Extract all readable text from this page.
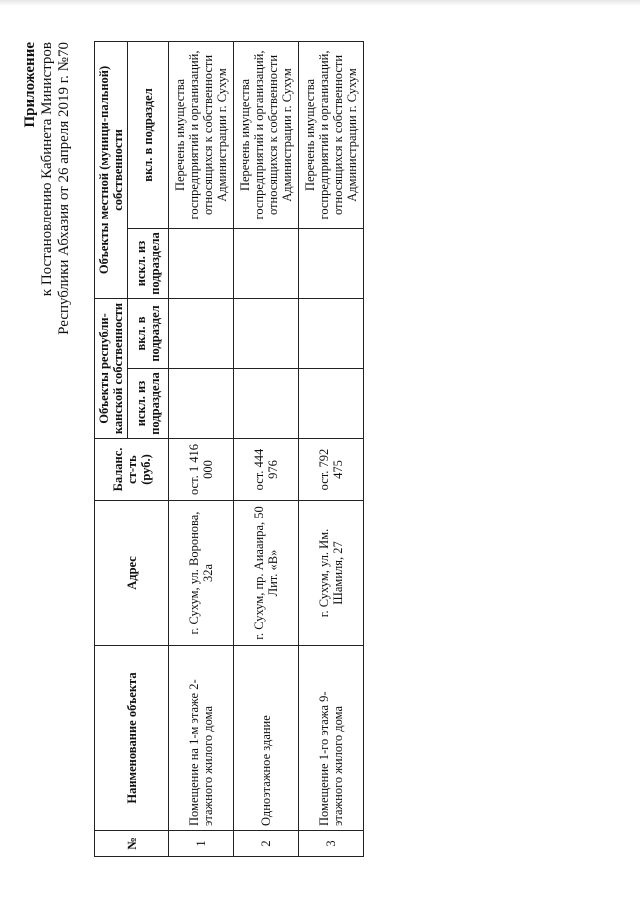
Приложение к Постановлению Кабинета Министров Республики Абхазия от 26 апреля 2019 г. №70
№	Наименование объекта	Адрес	Баланс. ст-ть (руб.)	Объекты республи-канской собственности		Объекты местной (муници-пальной) собственности	
				искл. из подраздела	вкл. в подраздел	искл. из подраздела	вкл. в подраздел
1	Помещение на 1-м этаже 2-этажного жилого дома	г. Сухум, ул. Воронова, 32а	ост. 1 416 000				Перечень имущества госпредприятий и организаций, относящихся к собственности Администрации г. Сухум
2	Одноэтажное здание	г. Сухум, пр. Аиааира, 50 Лит. «В»	ост. 444 976				Перечень имущества госпредприятий и организаций, относящихся к собственности Администрации г. Сухум
3	Помещение 1-го этажа 9-этажного жилого дома	г. Сухум, ул. Им. Шамиля, 27	ост. 792 475				Перечень имущества госпредприятий и организаций, относящихся к собственности Администрации г. Сухум
